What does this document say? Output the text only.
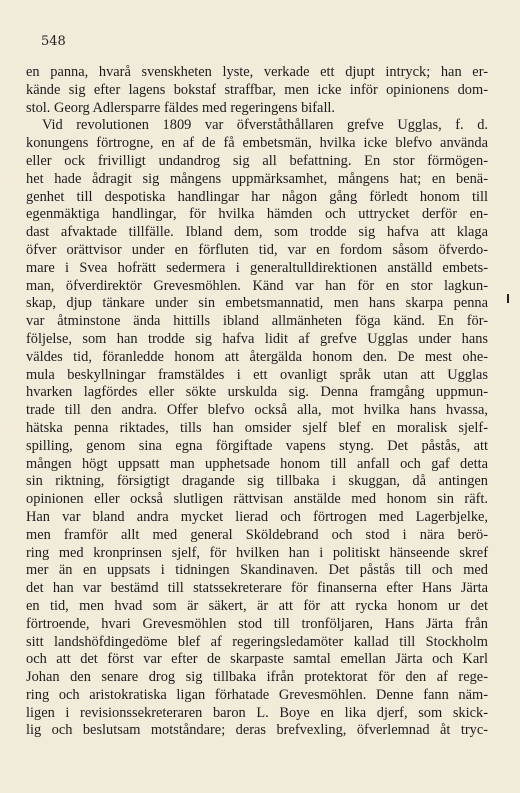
548
en panna, hvarå svenskheten lyste, verkade ett djupt intryck; han er-
kände sig efter lagens bokstaf straffbar, men icke inför opinionens dom-
stol. Georg Adlersparre fäldes med regeringens bifall.
Vid revolutionen 1809 var öfverståthållaren grefve Ugglas, f. d.
konungens förtrogne, en af de få embetsmän, hvilka icke blefvo använda
eller ock frivilligt undandrog sig all befattning. En stor förmögen-
het hade ådragit sig mångens uppmärksamhet, mångens hat; en benä-
genhet till despotiska handlingar har någon gång förledt honom till
egenmäktiga handlingar, för hvilka hämden och uttrycket derför en-
dast afvaktade tillfälle. Ibland dem, som trodde sig hafva att klaga
öfver orättvisor under en förfluten tid, var en fordom såsom öfverdo-
mare i Svea hofrätt sedermera i generaltulldirektionen anställd embets-
man, öfverdirektör Grevesmöhlen. Känd var han för en stor lagkun-
skap, djup tänkare under sin embetsmannatid, men hans skarpa penna
var åtminstone ända hittills ibland allmänheten föga känd. En för-
följelse, som han trodde sig hafva lidit af grefve Ugglas under hans
väldes tid, föranledde honom att återgälda honom den. De mest ohe-
mula beskyllningar framstäldes i ett ovanligt språk utan att Ugglas
hvarken lagfördes eller sökte urskulda sig. Denna framgång uppmun-
trade till den andra. Offer blefvo också alla, mot hvilka hans hvassa,
hätska penna riktades, tills han omsider sjelf blef en moralisk sjelf-
spilling, genom sina egna förgiftade vapens styng. Det påstås, att
mången högt uppsatt man upphetsade honom till anfall och gaf detta
sin riktning, försigtigt dragande sig tillbaka i skuggan, då antingen
opinionen eller också slutligen rättvisan anstälde med honom sin räft.
Han var bland andra mycket lierad och förtrogen med Lagerbjelke,
men framför allt med general Sköldebrand och stod i nära berö-
ring med kronprinsen sjelf, för hvilken han i politiskt hänseende skref
mer än en uppsats i tidningen Skandinaven. Det påstås till och med
det han var bestämd till statssekreterare för finanserna efter Hans Järta
en tid, men hvad som är säkert, är att för att rycka honom ur det
förtroende, hvari Grevesmöhlen stod till tronföljaren, Hans Järta från
sitt landshöfdingedöme blef af regeringsledamöter kallad till Stockholm
och att det först var efter de skarpaste samtal emellan Järta och Karl
Johan den senare drog sig tillbaka ifrån protektorat för den af rege-
ring och aristokratiska ligan förhatade Grevesmöhlen. Denne fann näm-
ligen i revisionssekreteraren baron L. Boye en lika djerf, som skick-
lig och beslutsam motståndare; deras brefvexling, öfverlemnad åt tryc-
